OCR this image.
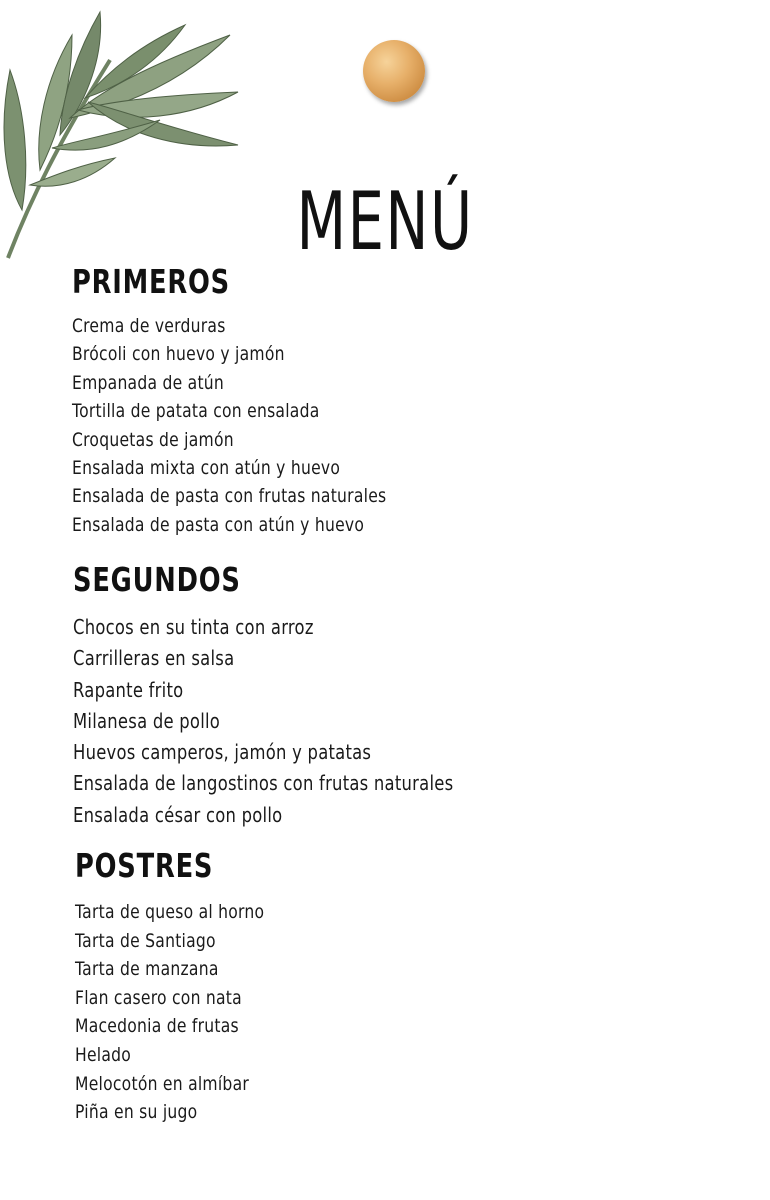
MENÚ
PRIMEROS
Crema de verduras
Brócoli con huevo y jamón
Empanada de atún
Tortilla de patata con ensalada
Croquetas de jamón
Ensalada mixta con atún y huevo
Ensalada de pasta con frutas naturales
Ensalada de pasta con atún y huevo
SEGUNDOS
Chocos en su tinta con arroz
Carrilleras en salsa
Rapante frito
Milanesa de pollo
Huevos camperos, jamón y patatas
Ensalada de langostinos con frutas naturales
Ensalada césar con pollo
POSTRES
Tarta de queso al horno
Tarta de Santiago
Tarta de manzana
Flan casero con nata
Macedonia de frutas
Helado
Melocotón en almíbar
Piña en su jugo
